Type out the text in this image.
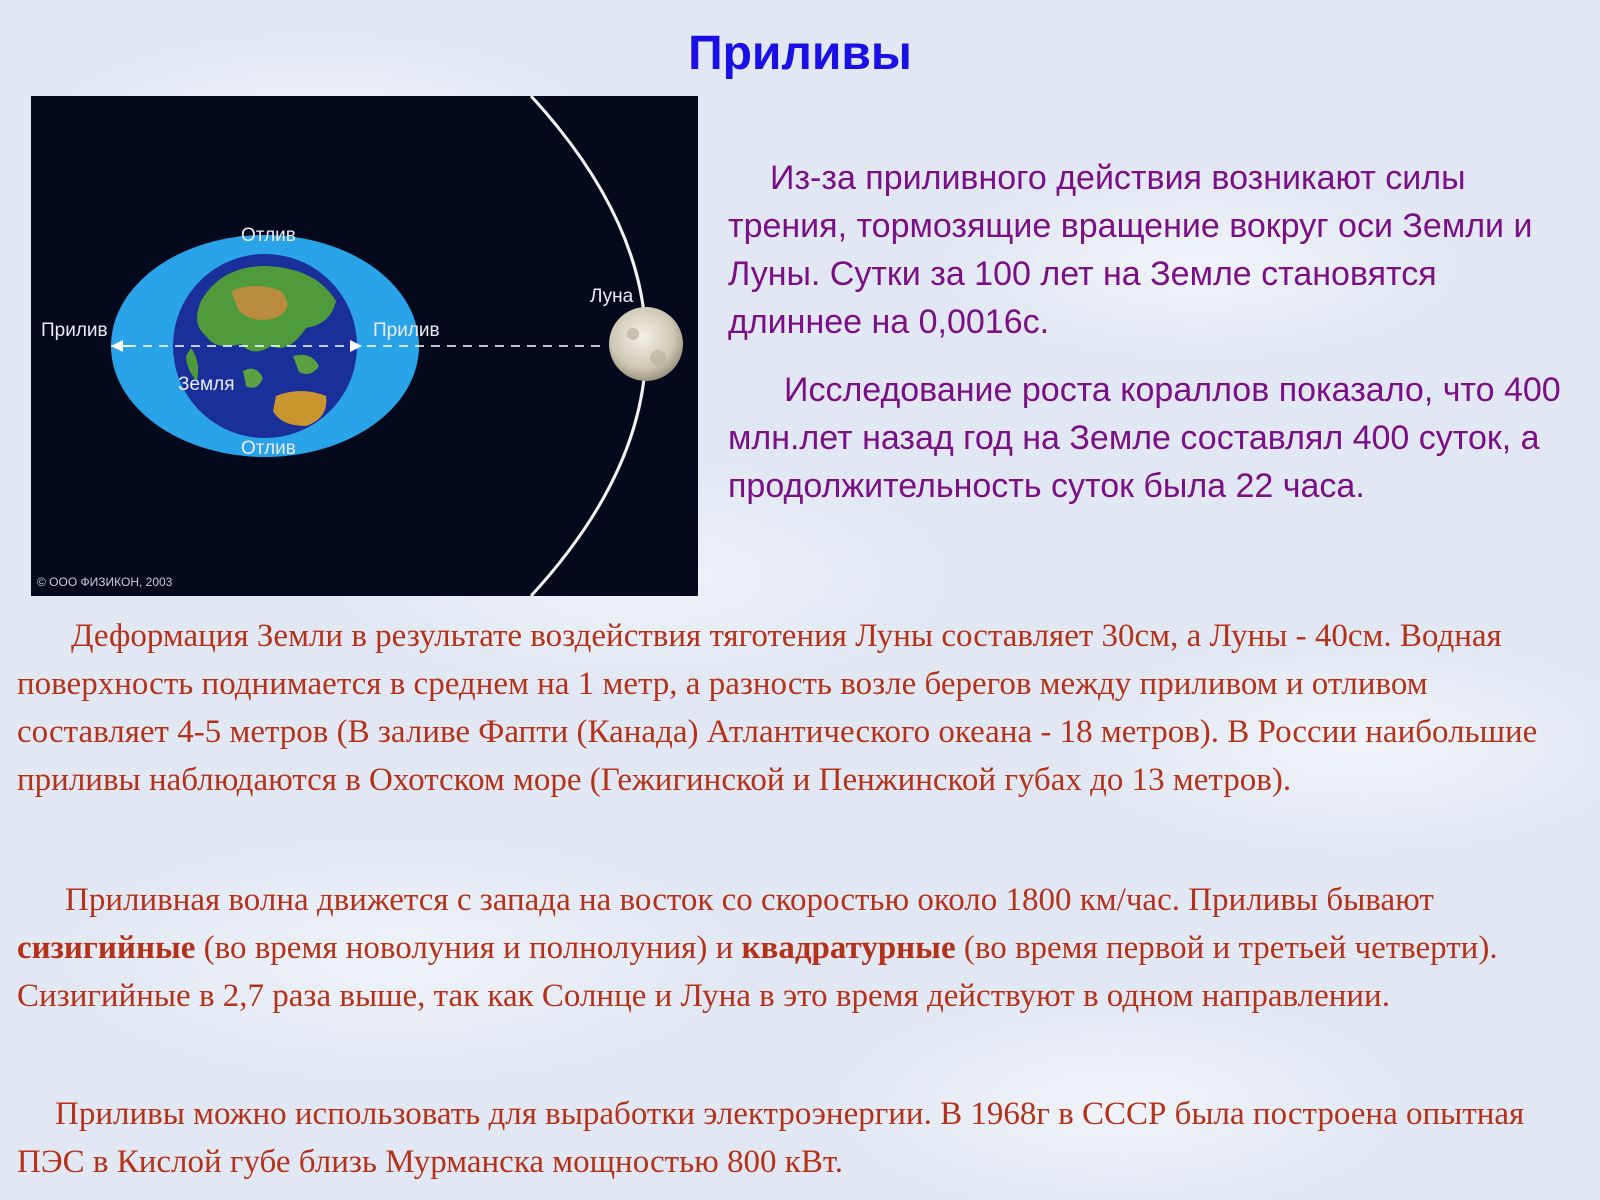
Приливы
Отлив
Отлив
Прилив	Прилив
Земля
Луна
© ООО ФИЗИКОН, 2003

Из-за приливного действия возникают силы трения, тормозящие вращение вокруг оси Земли и Луны. Сутки за 100 лет на Земле становятся длиннее на 0,0016с.

Исследование роста кораллов показало, что 400 млн.лет назад год на Земле составлял 400 суток, а продолжительность суток была 22 часа.

Деформация Земли в результате воздействия тяготения Луны составляет 30см, а Луны - 40см. Водная поверхность поднимается в среднем на 1 метр, а разность возле берегов между приливом и отливом составляет 4-5 метров (В заливе Фапти (Канада) Атлантического океана - 18 метров). В России наибольшие приливы наблюдаются в Охотском море (Гежигинской и Пенжинской губах до 13 метров).

Приливная волна движется с запада на восток со скоростью около 1800 км/час. Приливы бывают сизигийные (во время новолуния и полнолуния) и квадратурные (во время первой и третьей четверти). Сизигийные в 2,7 раза выше, так как Солнце и Луна в это время действуют в одном направлении.

Приливы можно использовать для выработки электроэнергии. В 1968г в СССР была построена опытная ПЭС в Кислой губе близь Мурманска мощностью 800 кВт.
